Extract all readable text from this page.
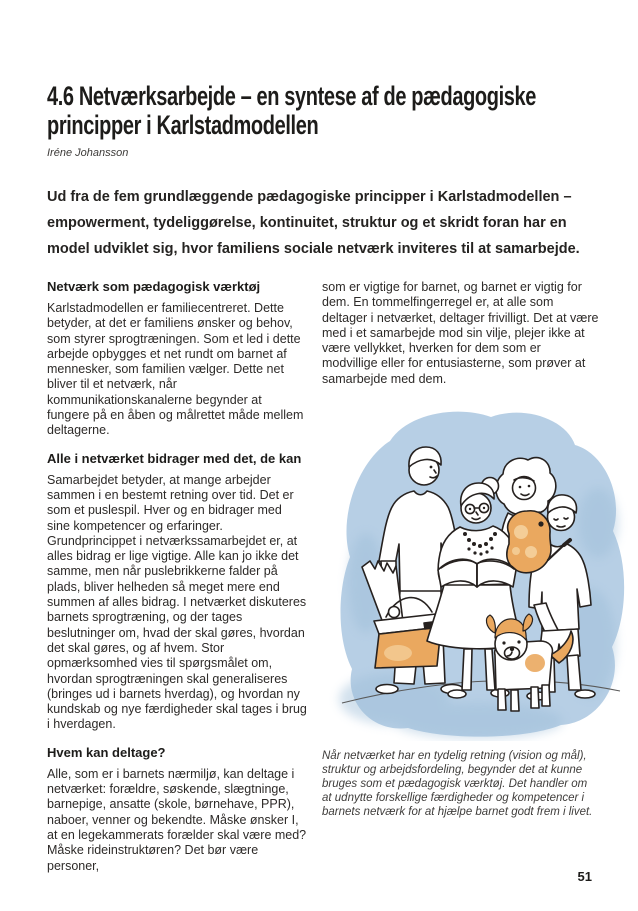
4.6 Netværksarbejde – en syntese af de pædagogiske
principper i Karlstadmodellen
Iréne Johansson
Ud fra de fem grundlæggende pædagogiske principper i Karlstadmodellen –
empowerment, tydeliggørelse, kontinuitet, struktur og et skridt foran har en
model udviklet sig, hvor familiens sociale netværk inviteres til at samarbejde.
Netværk som pædagogisk værktøj

Karlstadmodellen er familiecentreret. Dette betyder, at det er familiens ønsker og behov, som styrer sprogtræningen. Som et led i dette arbejde opbygges et net rundt om barnet af mennesker, som familien vælger. Dette net bliver til et netværk, når kommunikationskanalerne begynder at fungere på en åben og målrettet måde mellem deltagerne.

Alle i netværket bidrager med det, de kan

Samarbejdet betyder, at mange arbejder sammen i en bestemt retning over tid. Det er som et puslespil. Hver og en bidrager med sine kompetencer og erfaringer. Grundprincippet i netværkssamarbejdet er, at alles bidrag er lige vigtige. Alle kan jo ikke det samme, men når puslebrikkerne falder på plads, bliver helheden så meget mere end summen af alles bidrag. I netværket diskuteres barnets sprogtræning, og der tages beslutninger om, hvad der skal gøres, hvordan det skal gøres, og af hvem. Stor opmærksomhed vies til spørgsmålet om, hvordan sprogtræningen skal generaliseres (bringes ud i barnets hverdag), og hvordan ny kundskab og nye færdigheder skal tages i brug i hverdagen.

Hvem kan deltage?

Alle, som er i barnets nærmiljø, kan deltage i netværket: forældre, søskende, slægtninge, barnepige, ansatte (skole, børnehave, PPR), naboer, venner og bekendte. Måske ønsker I, at en legekammerats forælder skal være med? Måske rideinstruktøren? Det bør være personer,

som er vigtige for barnet, og barnet er vigtig for dem. En tommelfingerregel er, at alle som deltager i netværket, deltager frivilligt. Det at være med i et samarbejde mod sin vilje, plejer ikke at være vellykket, hverken for dem som er modvillige eller for entusiasterne, som prøver at samarbejde med dem.

Når netværket har en tydelig retning (vision og mål), struktur og arbejdsfordeling, begynder det at kunne bruges som et pædagogisk værktøj. Det handler om at udnytte forskellige færdigheder og kompetencer i barnets netværk for at hjælpe barnet godt frem i livet.
51
